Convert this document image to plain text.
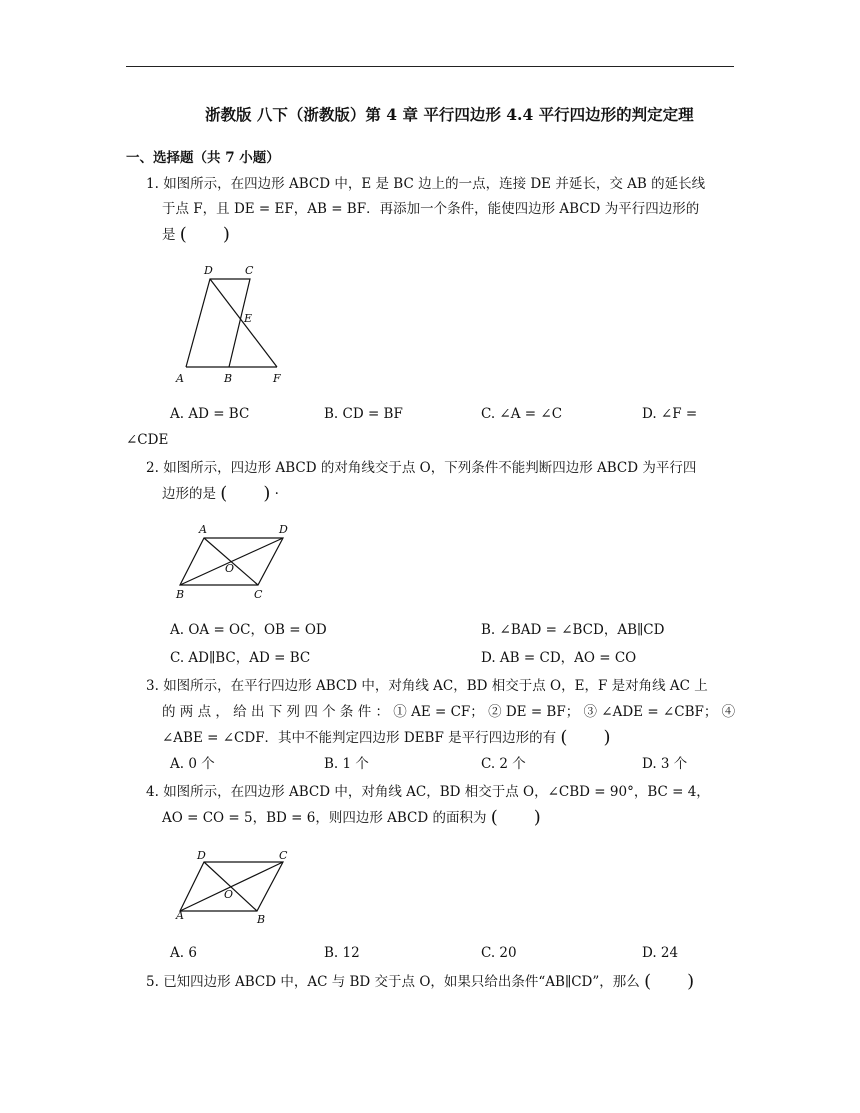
浙教版 八下（浙教版）第 4 章 平行四边形 4.4 平行四边形的判定定理
一、选择题（共 7 小题）
1. 如图所示，在四边形 ABCD 中，E 是 BC 边上的一点，连接 DE 并延长，交 AB 的延长线
于点 F，且 DE = EF，AB = BF．再添加一个条件，能使四边形 ABCD 为平行四边形的
是 (　　)
D	C
E
A	B	F
A. AD = BC	B. CD = BF	C. ∠A = ∠C	D. ∠F =
∠CDE
2. 如图所示，四边形 ABCD 的对角线交于点 O，下列条件不能判断四边形 ABCD 为平行四
边形的是 (　　) ·
A	D
O
B	C
A. OA = OC，OB = OD	B. ∠BAD = ∠BCD，AB∥CD
C. AD∥BC，AD = BC	D. AB = CD，AO = CO
3. 如图所示，在平行四边形 ABCD 中，对角线 AC，BD 相交于点 O，E，F 是对角线 AC 上
的 两 点 ， 给 出 下 列 四 个 条 件 ： ① AE = CF； ② DE = BF； ③ ∠ADE = ∠CBF； ④
∠ABE = ∠CDF．其中不能判定四边形 DEBF 是平行四边形的有 (　　)
A. 0 个	B. 1 个	C. 2 个	D. 3 个
4. 如图所示，在四边形 ABCD 中，对角线 AC，BD 相交于点 O，∠CBD = 90°，BC = 4，
AO = CO = 5，BD = 6，则四边形 ABCD 的面积为 (　　)
D	C
O
A	B
A. 6	B. 12	C. 20	D. 24
5. 已知四边形 ABCD 中，AC 与 BD 交于点 O，如果只给出条件“AB∥CD”，那么 (　　)
